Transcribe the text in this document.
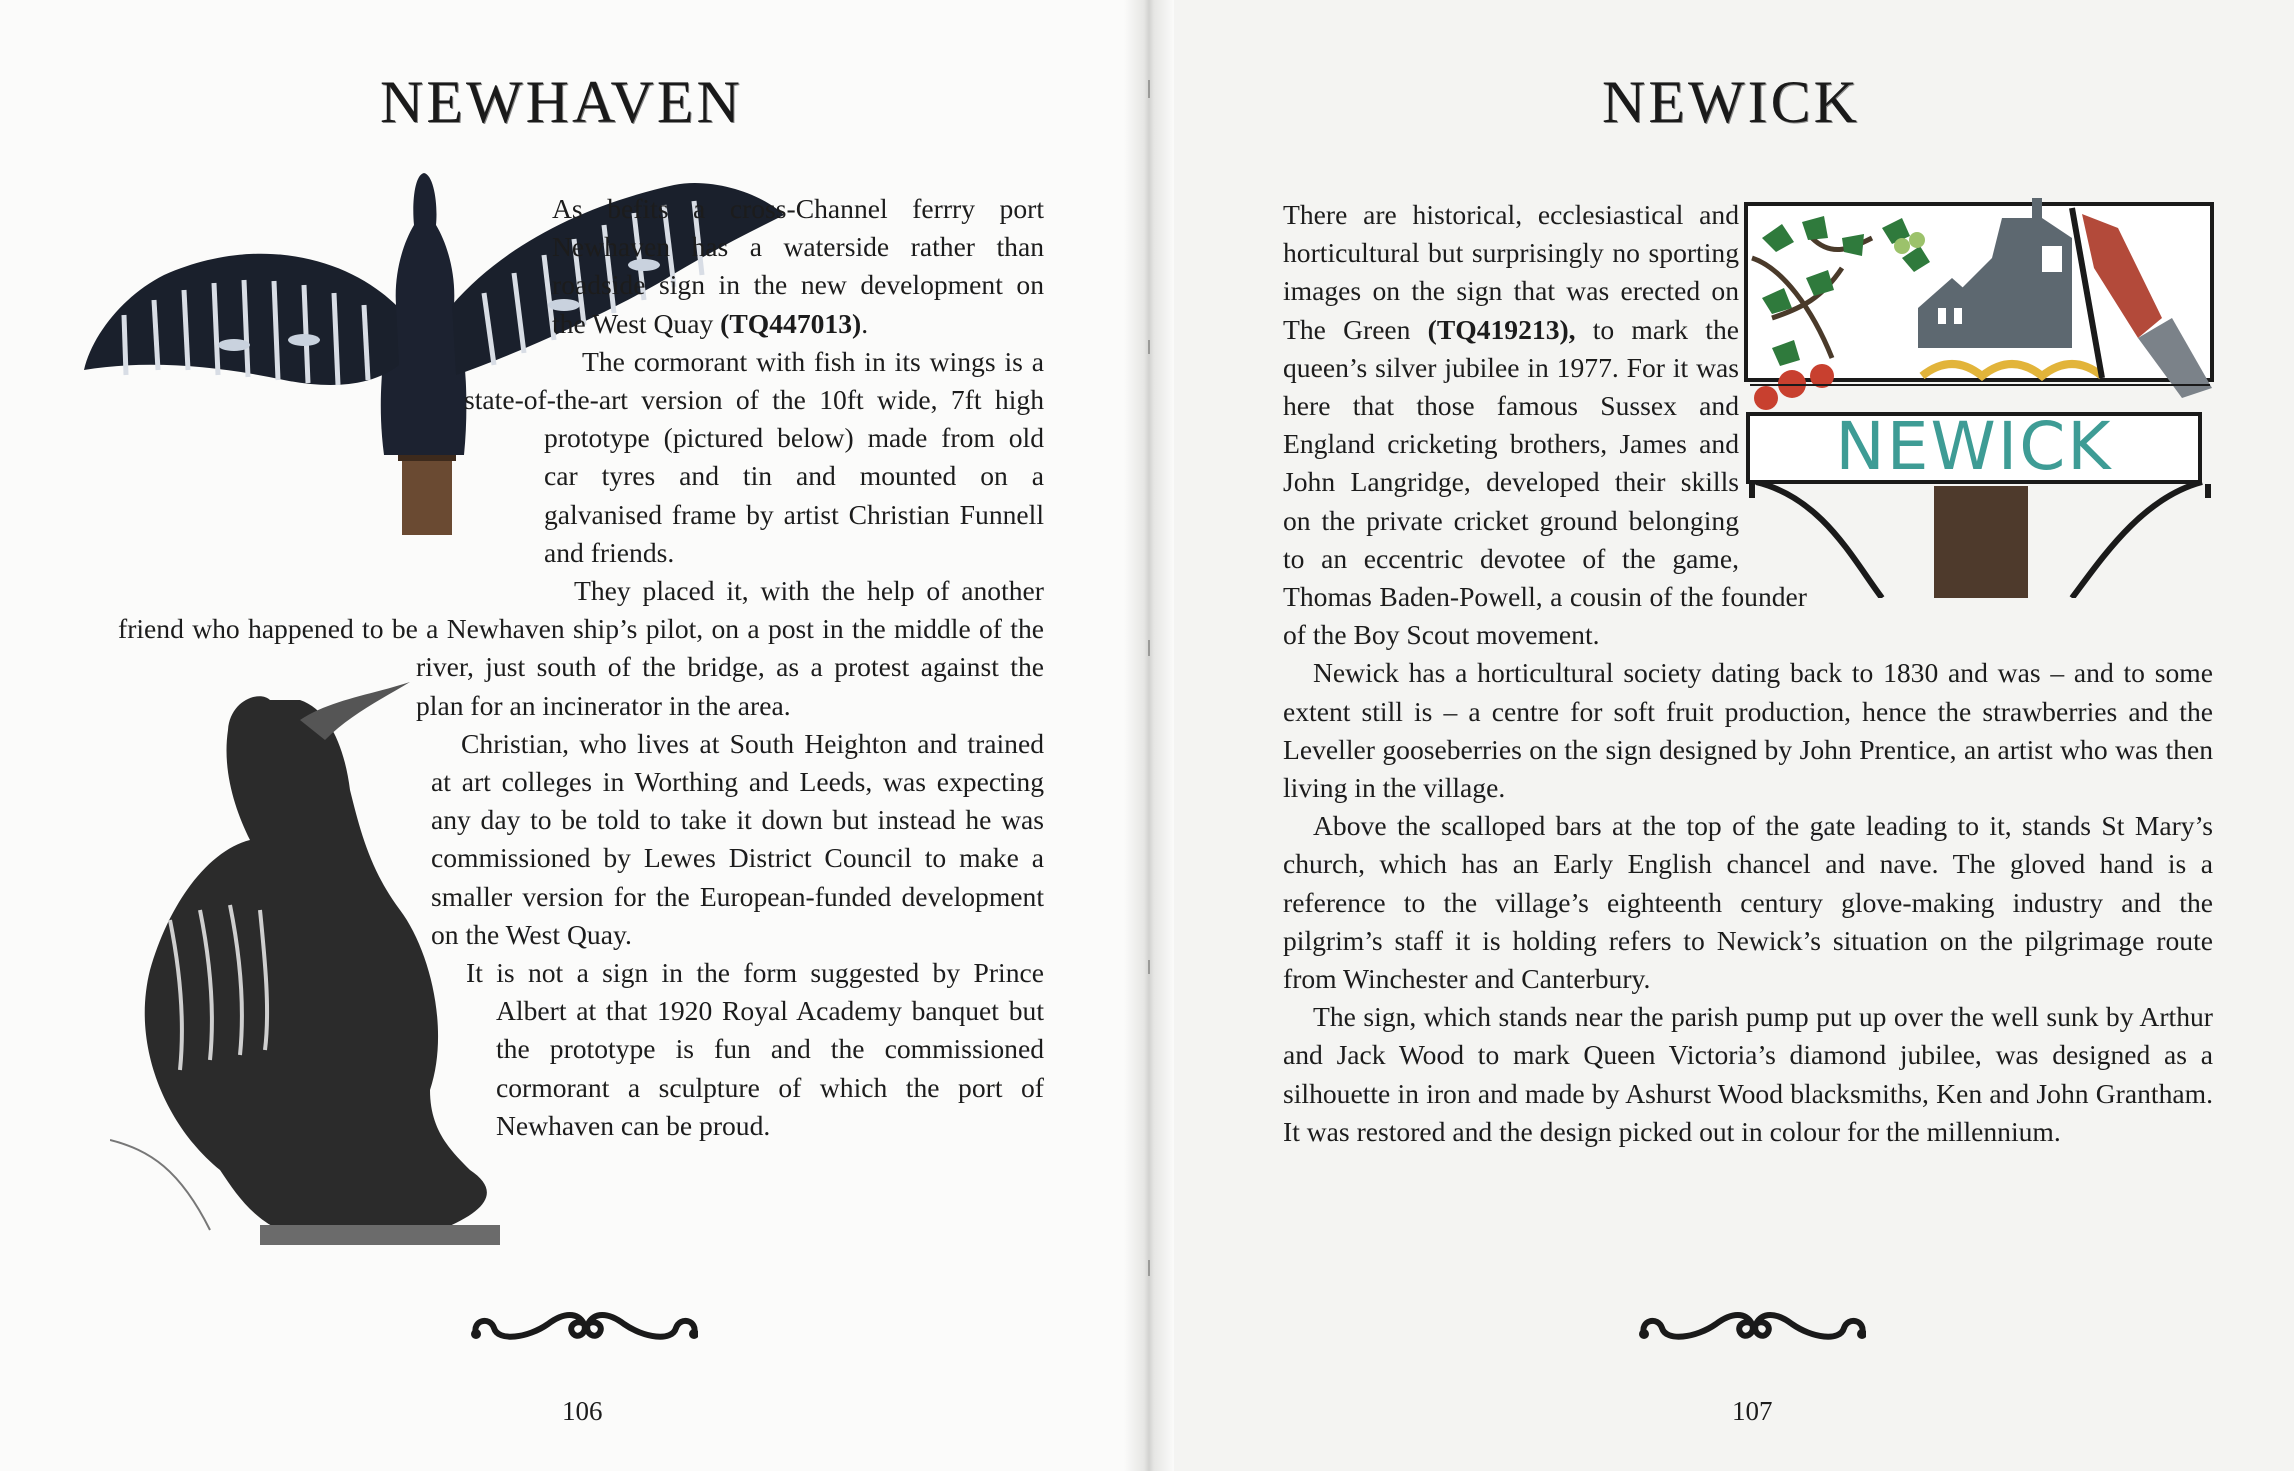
NEWHAVEN

As befits a cross-Channel ferrry port Newhaven has a waterside rather than roadside sign in the new development on the West Quay (TQ447013).

The cormorant with fish in its wings is a state-of-the-art version of the 10ft wide, 7ft high prototype (pictured below) made from old car tyres and tin and mounted on a galvanised frame by artist Christian Funnell and friends.

They placed it, with the help of another friend who happened to be a Newhaven ship’s pilot, on a post in the middle of the river, just south of the bridge, as a protest against the plan for an incinerator in the area.

Christian, who lives at South Heighton and trained at art colleges in Worthing and Leeds, was expecting any day to be told to take it down but instead he was commissioned by Lewes District Council to make a smaller version for the European-funded development on the West Quay.

It is not a sign in the form suggested by Prince Albert at that 1920 Royal Academy banquet but the prototype is fun and the commissioned cormorant a sculpture of which the port of Newhaven can be proud.

106
NEWICK
NEWICK

There are historical, ecclesiastical and horticultural but surprisingly no sporting images on the sign that was erected on The Green (TQ419213), to mark the queen’s silver jubilee in 1977. For it was here that those famous Sussex and England cricketing brothers, James and John Langridge, developed their skills on the private cricket ground belonging to an eccentric devotee of the game, Thomas Baden-Powell, a cousin of the founder of the Boy Scout movement.

Newick has a horticultural society dating back to 1830 and was – and to some extent still is – a centre for soft fruit production, hence the strawberries and the Leveller gooseberries on the sign designed by John Prentice, an artist who was then living in the village.

Above the scalloped bars at the top of the gate leading to it, stands St Mary’s church, which has an Early English chancel and nave. The gloved hand is a reference to the village’s eighteenth century glove-making industry and the pilgrim’s staff it is holding refers to Newick’s situation on the pilgrimage route from Winchester and Canterbury.

The sign, which stands near the parish pump put up over the well sunk by Arthur and Jack Wood to mark Queen Victoria’s diamond jubilee, was designed as a silhouette in iron and made by Ashurst Wood blacksmiths, Ken and John Grantham. It was restored and the design picked out in colour for the millennium.

107
